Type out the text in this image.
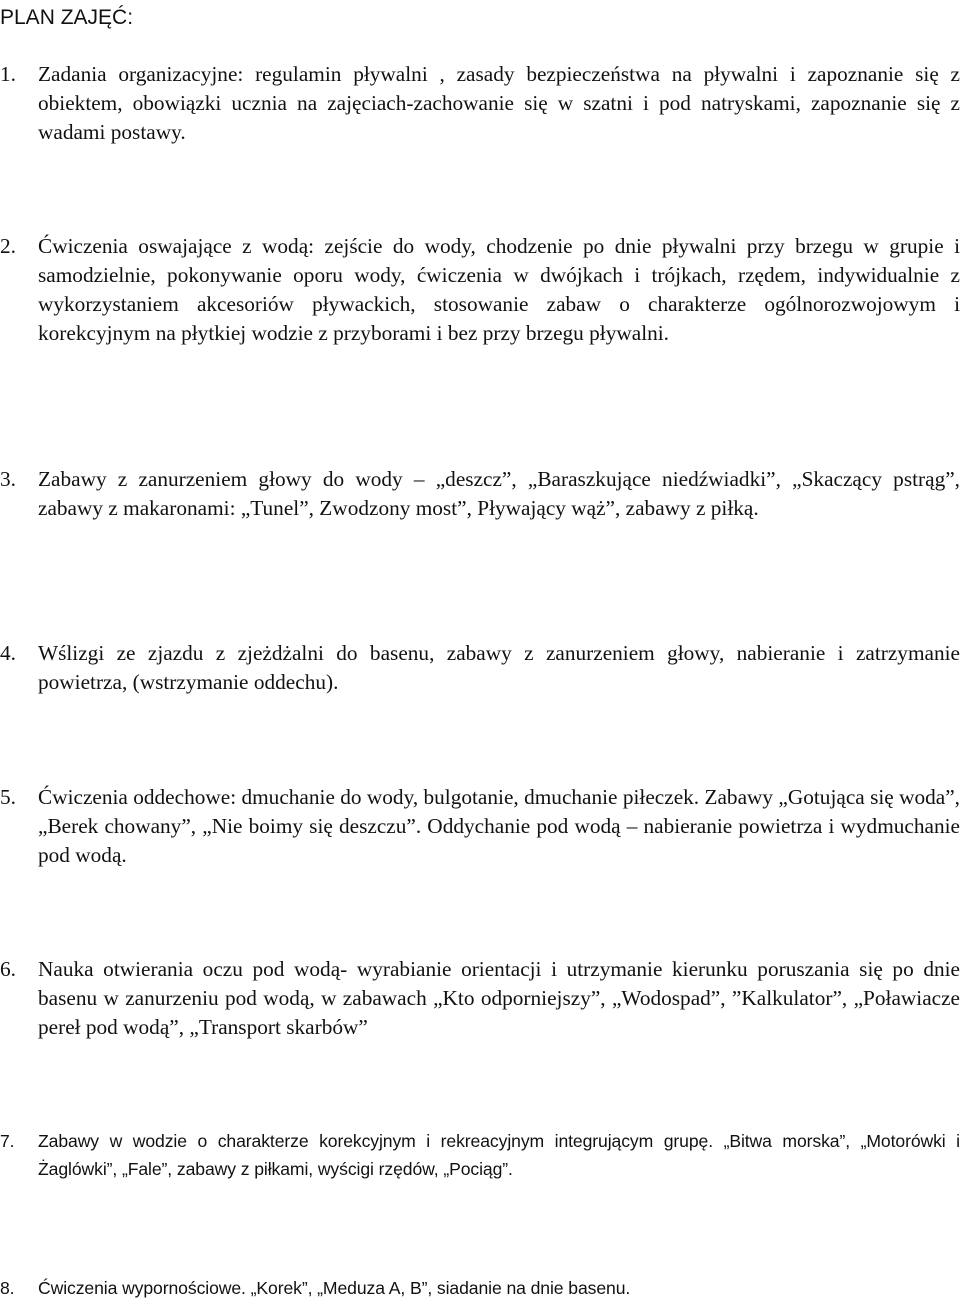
PLAN ZAJĘĆ:
1.	Zadania organizacyjne: regulamin pływalni , zasady bezpieczeństwa na pływalni i zapoznanie się z obiektem, obowiązki ucznia na zajęciach-zachowanie się w szatni i pod natryskami, zapoznanie się z wadami postawy.
2.	Ćwiczenia oswajające z wodą: zejście do wody, chodzenie po dnie pływalni przy brzegu w grupie i samodzielnie, pokonywanie oporu wody, ćwiczenia w dwójkach i trójkach, rzędem, indywidualnie z wykorzystaniem akcesoriów pływackich, stosowanie zabaw o charakterze ogólnorozwojowym i korekcyjnym na płytkiej wodzie z przyborami i bez przy brzegu pływalni.
3.	Zabawy z zanurzeniem głowy do wody – „deszcz”, „Baraszkujące niedźwiadki”, „Skaczący pstrąg”, zabawy z makaronami: „Tunel”, Zwodzony most”, Pływający wąż”, zabawy z piłką.
4.	Wślizgi ze zjazdu z zjeżdżalni do basenu, zabawy z zanurzeniem głowy, nabieranie i zatrzymanie powietrza, (wstrzymanie oddechu).
5.	Ćwiczenia oddechowe: dmuchanie do wody, bulgotanie, dmuchanie piłeczek. Zabawy „Gotująca się woda”, „Berek chowany”, „Nie boimy się deszczu”. Oddychanie pod wodą – nabieranie powietrza i wydmuchanie pod wodą.
6.	Nauka otwierania oczu pod wodą- wyrabianie orientacji i utrzymanie kierunku poruszania się po dnie basenu w zanurzeniu pod wodą, w zabawach „Kto odporniejszy”, „Wodospad”, ”Kalkulator”, „Poławiacze pereł pod wodą”, „Transport skarbów”
7.	Zabawy w wodzie o charakterze korekcyjnym i rekreacyjnym integrującym grupę. „Bitwa morska”, „Motorówki i Żaglówki”, „Fale”, zabawy z piłkami, wyścigi rzędów, „Pociąg”.
8.	Ćwiczenia wypornościowe. „Korek”, „Meduza A, B”, siadanie na dnie basenu.
